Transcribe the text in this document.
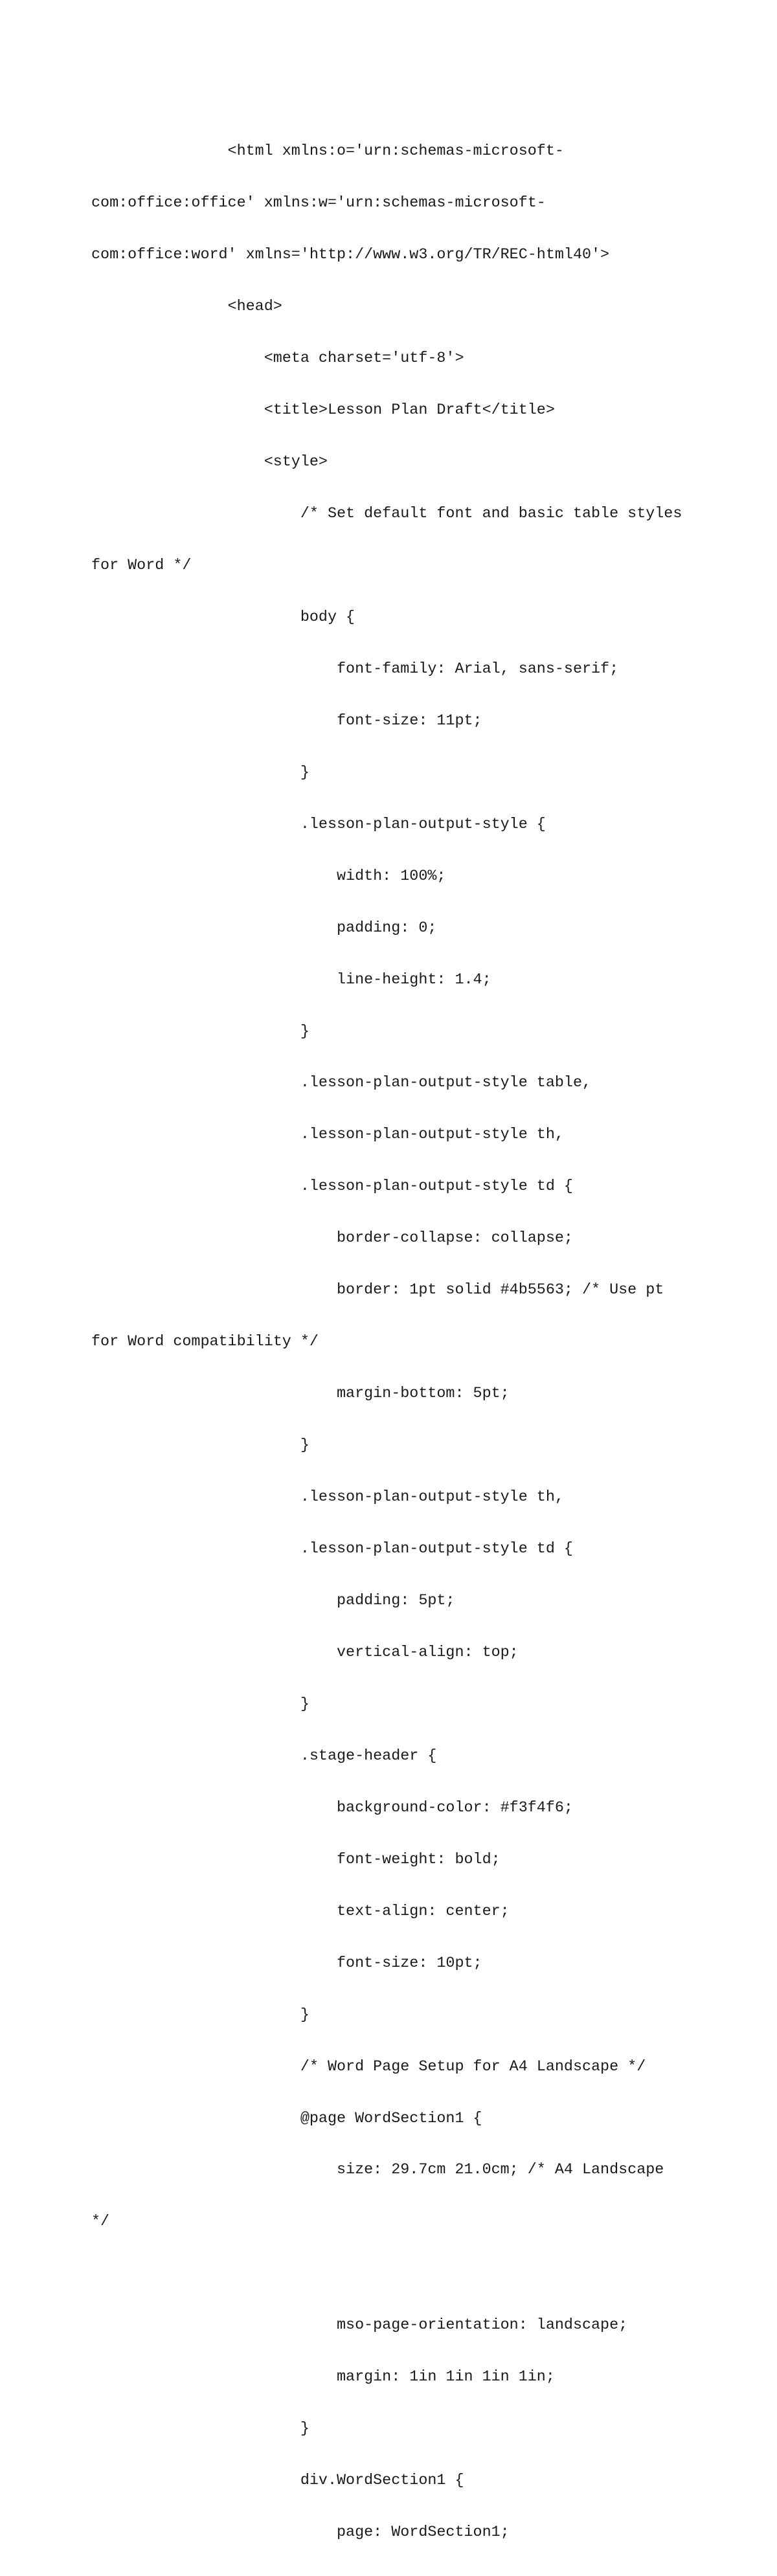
<html xmlns:o='urn:schemas-microsoft-

com:office:office' xmlns:w='urn:schemas-microsoft-

com:office:word' xmlns='http://www.w3.org/TR/REC-html40'>

<head>

<meta charset='utf-8'>

<title>Lesson Plan Draft</title>

<style>

/* Set default font and basic table styles

for Word */

body {

font-family: Arial, sans-serif;

font-size: 11pt;

}

.lesson-plan-output-style {

width: 100%;

padding: 0;

line-height: 1.4;

}

.lesson-plan-output-style table,

.lesson-plan-output-style th,

.lesson-plan-output-style td {

border-collapse: collapse;

border: 1pt solid #4b5563; /* Use pt

for Word compatibility */

margin-bottom: 5pt;

}

.lesson-plan-output-style th,

.lesson-plan-output-style td {

padding: 5pt;

vertical-align: top;

}

.stage-header {

background-color: #f3f4f6;

font-weight: bold;

text-align: center;

font-size: 10pt;

}

/* Word Page Setup for A4 Landscape */

@page WordSection1 {

size: 29.7cm 21.0cm; /* A4 Landscape

*/

mso-page-orientation: landscape;

margin: 1in 1in 1in 1in;

}

div.WordSection1 {

page: WordSection1;
